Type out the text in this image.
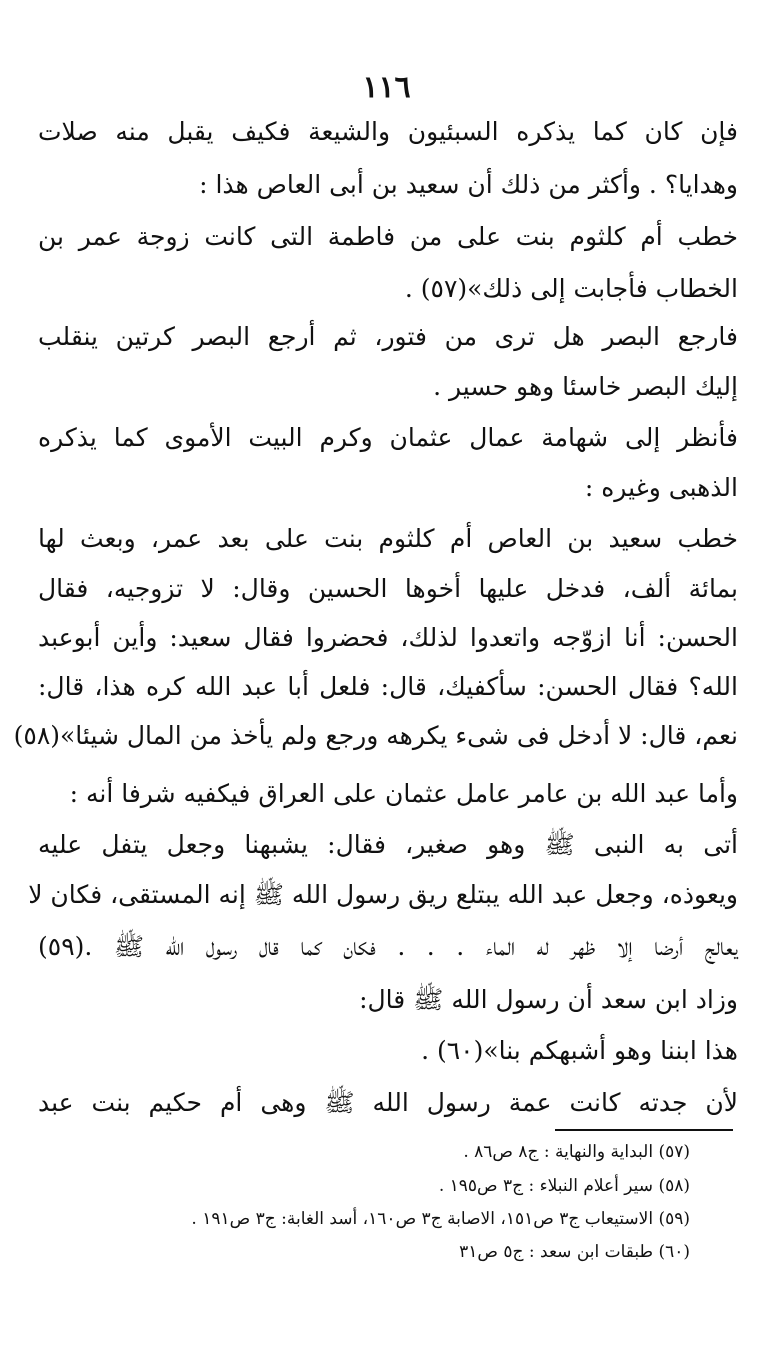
١١٦
فإن كان كما يذكره السبئيون والشيعة فكيف يقبل منه صلات
وهدايا؟ . وأكثر من ذلك أن سعيد بن أبى العاص هذا :
خطب أم كلثوم بنت على من فاطمة التى كانت زوجة عمر بن
الخطاب فأجابت إلى ذلك»(٥٧) .
فارجع البصر هل ترى من فتور، ثم أرجع البصر كرتين ينقلب
إليك البصر خاسئا وهو حسير .
فأنظر إلى شهامة عمال عثمان وكرم البيت الأموى كما يذكره
الذهبى وغيره :
خطب سعيد بن العاص أم كلثوم بنت على بعد عمر، وبعث لها
بمائة ألف، فدخل عليها أخوها الحسين وقال: لا تزوجيه، فقال
الحسن: أنا ازوّجه واتعدوا لذلك، فحضروا فقال سعيد: وأين أبوعبد
الله؟ فقال الحسن: سأكفيك، قال: فلعل أبا عبد الله كره هذا، قال:
نعم، قال: لا أدخل فى شىء يكرهه ورجع ولم يأخذ من المال شيئا»(٥٨)
وأما عبد الله بن عامر عامل عثمان على العراق فيكفيه شرفا أنه :
أتى به النبى ﷺ وهو صغير، فقال: يشبهنا وجعل يتفل عليه
ويعوذه، وجعل عبد الله يبتلع ريق رسول الله ﷺ إنه المستقى، فكان لا
يعالج أرضا إلا ظهر له الماء . . . فكان كما قال رسول الله ﷺ .(٥٩)
وزاد ابن سعد أن رسول الله ﷺ قال:
هذا ابننا وهو أشبهكم بنا»(٦٠) .
لأن جدته كانت عمة رسول الله ﷺ وهى أم حكيم بنت عبد
(٥٧) البداية والنهاية : ج٨ ص٨٦ .
(٥٨) سير أعلام النبلاء : ج٣ ص١٩٥ .
(٥٩) الاستيعاب ج٣ ص١٥١، الاصابة ج٣ ص١٦٠، أسد الغابة: ج٣ ص١٩١ .
(٦٠) طبقات ابن سعد : ج٥ ص٣١
